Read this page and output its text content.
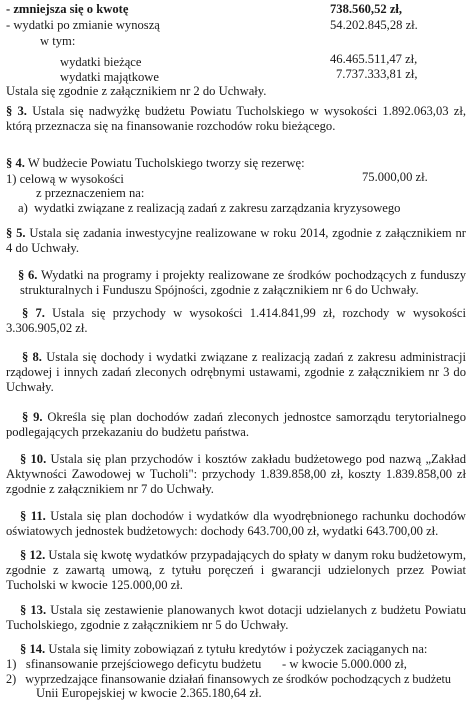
- zmniejsza się o kwotę	738.560,52 zł,
- wydatki po zmianie wynoszą	54.202.845,28 zł.
w tym:
wydatki bieżące	46.465.511,47 zł,
wydatki majątkowe	7.737.333,81 zł,
Ustala się zgodnie z załącznikiem nr 2 do Uchwały.
§ 3. Ustala się nadwyżkę budżetu Powiatu Tucholskiego w wysokości 1.892.063,03 zł, którą przeznacza się na finansowanie rozchodów roku bieżącego.
§ 4. W budżecie Powiatu Tucholskiego tworzy się rezerwę:
1) celową w wysokości	75.000,00 zł.
z przeznaczeniem na:
a)  wydatki związane z realizacją zadań z zakresu zarządzania kryzysowego
§ 5. Ustala się zadania inwestycyjne realizowane w roku 2014, zgodnie z załącznikiem nr 4 do Uchwały.
§ 6. Wydatki na programy i projekty realizowane ze środków pochodzących z funduszy strukturalnych i Funduszu Spójności, zgodnie z załącznikiem nr 6 do Uchwały.
§ 7. Ustala się przychody w wysokości 1.414.841,99 zł, rozchody w wysokości 3.306.905,02 zł.
§ 8. Ustala się dochody i wydatki związane z realizacją zadań z zakresu administracji rządowej i innych zadań zleconych odrębnymi ustawami, zgodnie z załącznikiem nr 3 do Uchwały.
§ 9. Określa się plan dochodów zadań zleconych jednostce samorządu terytorialnego podlegających przekazaniu do budżetu państwa.
§ 10. Ustala się plan przychodów i kosztów zakładu budżetowego pod nazwą „Zakład Aktywności Zawodowej w Tucholi": przychody 1.839.858,00 zł, koszty 1.839.858,00 zł zgodnie z załącznikiem nr 7 do Uchwały.
§ 11. Ustala się plan dochodów i wydatków dla wyodrębnionego rachunku dochodów oświatowych jednostek budżetowych: dochody 643.700,00 zł, wydatki 643.700,00 zł.
§ 12. Ustala się kwotę wydatków przypadających do spłaty w danym roku budżetowym, zgodnie z zawartą umową, z tytułu poręczeń i gwarancji udzielonych przez Powiat Tucholski w kwocie 125.000,00 zł.
§ 13. Ustala się zestawienie planowanych kwot dotacji udzielanych z budżetu Powiatu Tucholskiego, zgodnie z załącznikiem nr 5 do Uchwały.
§ 14. Ustala się limity zobowiązań z tytułu kredytów i pożyczek zaciąganych na:
1)   sfinansowanie przejściowego deficytu budżetu - w kwocie 5.000.000 zł,
2)   wyprzedzające finansowanie działań finansowych ze środków pochodzących z budżetu
Unii Europejskiej w kwocie 2.365.180,64 zł.
